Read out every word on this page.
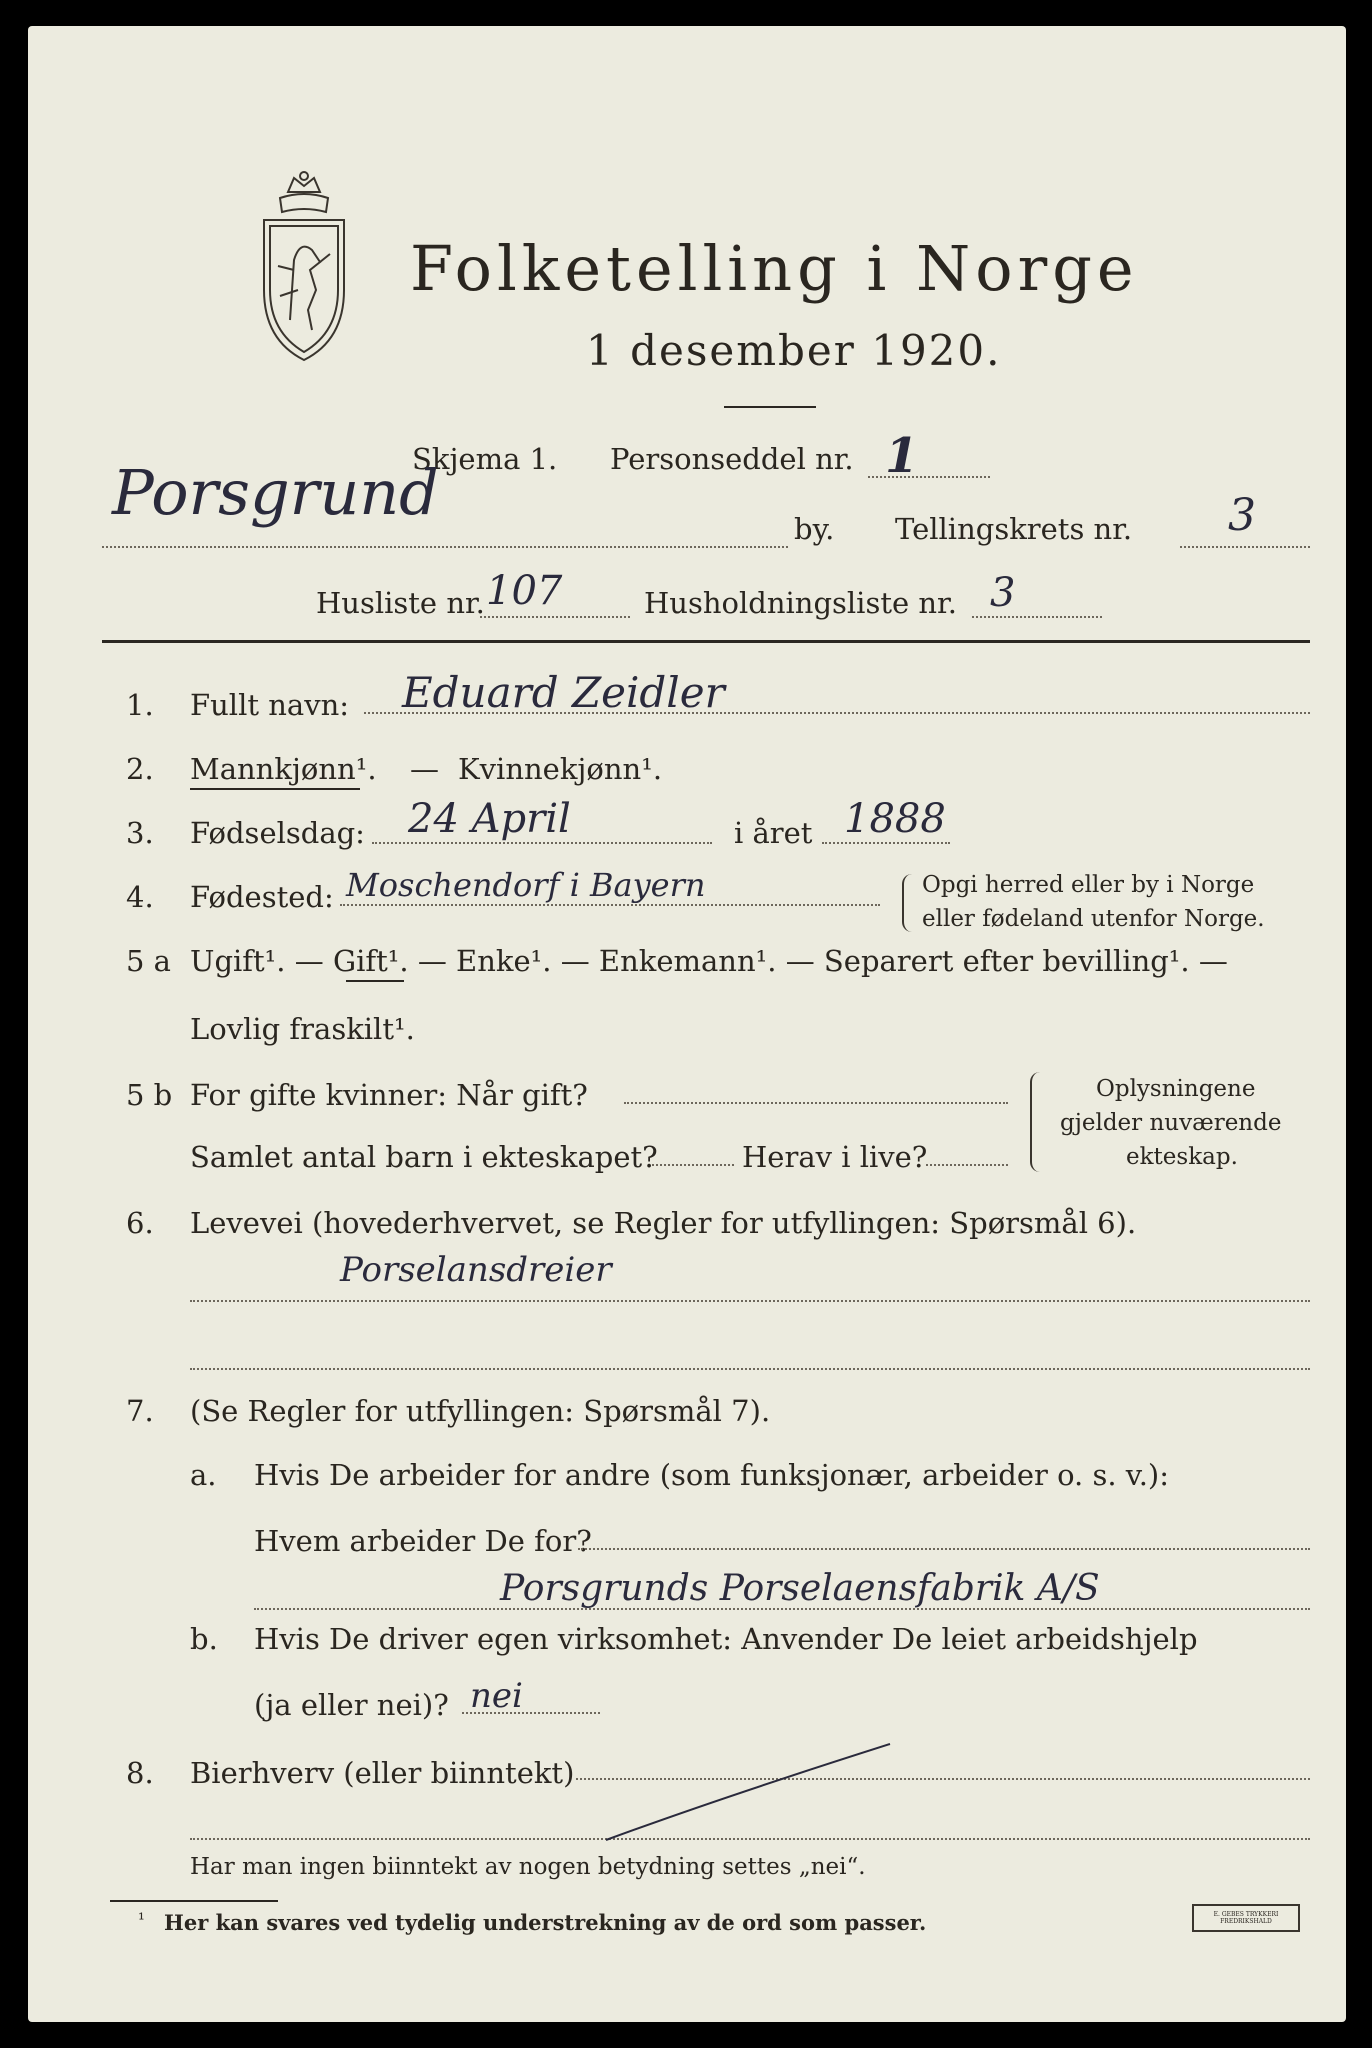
Folketelling i Norge
1 desember 1920.
Skjema 1. Personseddel nr. 1
Porsgrund	by. Tellingskrets nr. 3
Husliste nr. 107	Husholdningsliste nr. 3
1. Fullt navn: Eduard Zeidler
2. Mannkjønn¹. — Kvinnekjønn¹.
3. Fødselsdag: 24 April	i året 1888
4. Fødested: Moschendorf i Bayern	Opgi herred eller by i Norge
eller fødeland utenfor Norge.
5 a Ugift¹. — Gift¹. — Enke¹. — Enkemann¹. — Separert efter bevilling¹. —
Lovlig fraskilt¹.
5 b For gifte kvinner: Når gift?
Samlet antal barn i ekteskapet?	Herav i live?
Oplysningene
gjelder nuværende
ekteskap.
6. Levevei (hovederhvervet, se Regler for utfyllingen: Spørsmål 6).
Porselansdreier
7. (Se Regler for utfyllingen: Spørsmål 7).
a. Hvis De arbeider for andre (som funksjonær, arbeider o. s. v.):
Hvem arbeider De for?
Porsgrunds Porselaensfabrik A/S
b. Hvis De driver egen virksomhet: Anvender De leiet arbeidshjelp
(ja eller nei)? nei
8. Bierhverv (eller biinntekt)
Har man ingen biinntekt av nogen betydning settes „nei“.
¹ Her kan svares ved tydelig understrekning av de ord som passer.	E. GEBES TRYKKERI FREDRIKSHALD
